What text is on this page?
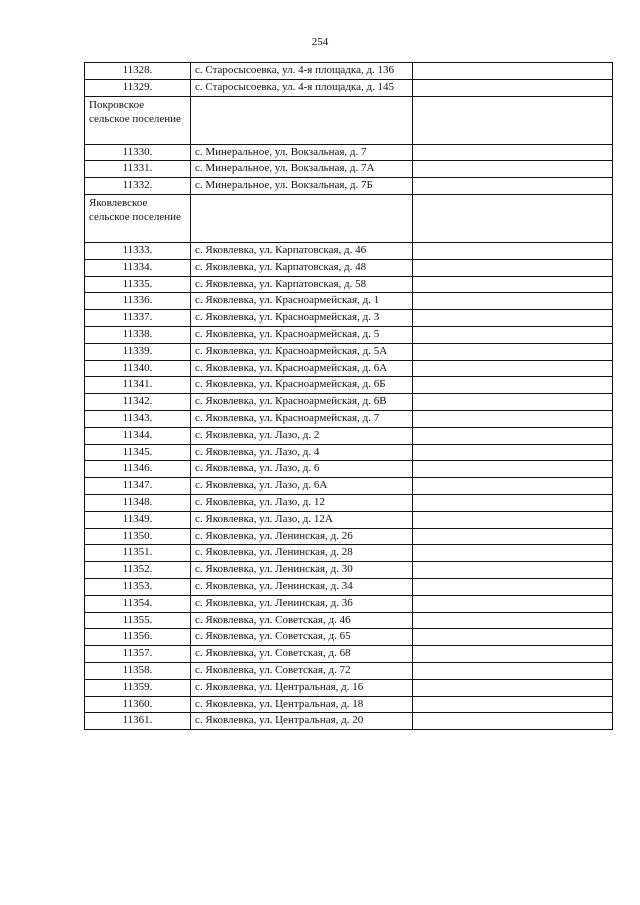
254
11328.	с. Старосысоевка, ул. 4-я площадка, д. 136	
11329.	с. Старосысоевка, ул. 4-я площадка, д. 145	
Покровское сельское поселение		
11330.	с. Минеральное, ул. Вокзальная, д. 7	
11331.	с. Минеральное, ул. Вокзальная, д. 7А	
11332.	с. Минеральное, ул. Вокзальная, д. 7Б	
Яковлевское сельское поселение		
11333.	с. Яковлевка, ул. Карпатовская, д. 46	
11334.	с. Яковлевка, ул. Карпатовская, д. 48	
11335.	с. Яковлевка, ул. Карпатовская, д. 58	
11336.	с. Яковлевка, ул. Красноармейская, д. 1	
11337.	с. Яковлевка, ул. Красноармейская, д. 3	
11338.	с. Яковлевка, ул. Красноармейская, д. 5	
11339.	с. Яковлевка, ул. Красноармейская, д. 5А	
11340.	с. Яковлевка, ул. Красноармейская, д. 6А	
11341.	с. Яковлевка, ул. Красноармейская, д. 6Б	
11342.	с. Яковлевка, ул. Красноармейская, д. 6В	
11343.	с. Яковлевка, ул. Красноармейская, д. 7	
11344.	с. Яковлевка, ул. Лазо, д. 2	
11345.	с. Яковлевка, ул. Лазо, д. 4	
11346.	с. Яковлевка, ул. Лазо, д. 6	
11347.	с. Яковлевка, ул. Лазо, д. 6А	
11348.	с. Яковлевка, ул. Лазо, д. 12	
11349.	с. Яковлевка, ул. Лазо, д. 12А	
11350.	с. Яковлевка, ул. Ленинская, д. 26	
11351.	с. Яковлевка, ул. Ленинская, д. 28	
11352.	с. Яковлевка, ул. Ленинская, д. 30	
11353.	с. Яковлевка, ул. Ленинская, д. 34	
11354.	с. Яковлевка, ул. Ленинская, д. 36	
11355.	с. Яковлевка, ул. Советская, д. 46	
11356.	с. Яковлевка, ул. Советская, д. 65	
11357.	с. Яковлевка, ул. Советская, д. 68	
11358.	с. Яковлевка, ул. Советская, д. 72	
11359.	с. Яковлевка, ул. Центральная, д. 16	
11360.	с. Яковлевка, ул. Центральная, д. 18	
11361.	с. Яковлевка, ул. Центральная, д. 20	
